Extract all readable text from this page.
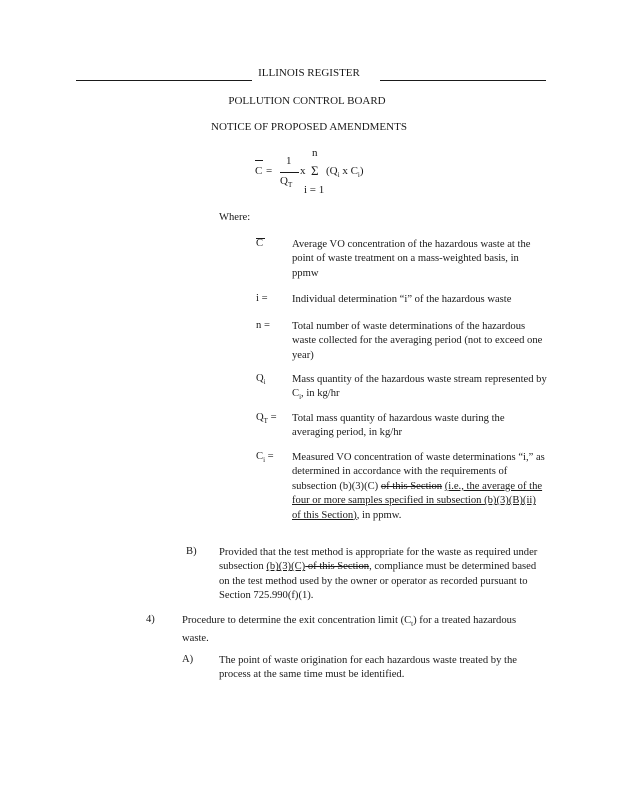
ILLINOIS REGISTER
POLLUTION CONTROL BOARD
NOTICE OF PROPOSED AMENDMENTS
C =
1
$Q_T$
x
n
Σ
i = 1
($Q_i$ x $C_i$)
Where:
C	Average VO concentration of the hazardous waste at the point of waste treatment on a mass-weighted basis, in ppmw
i =	Individual determination “i” of the hazardous waste
n =	Total number of waste determinations of the hazardous waste collected for the averaging period (not to exceed one year)
$Q_i$	Mass quantity of the hazardous waste stream represented by $C_i$, in kg/hr
$Q_T$ =	Total mass quantity of hazardous waste during the averaging period, in kg/hr
$C_i$ =	Measured VO concentration of waste determinations “i,” as determined in accordance with the requirements of subsection (b)(3)(C) of this Section (i.e., the average of the four or more samples specified in subsection (b)(3)(B)(ii) of this Section), in ppmw.
B) Provided that the test method is appropriate for the waste as required under subsection (b)(3)(C) of this Section, compliance must be determined based on the test method used by the owner or operator as recorded pursuant to Section 725.990(f)(1).
4)	Procedure to determine the exit concentration limit $(C_t)$ for a treated hazardous waste.
A) The point of waste origination for each hazardous waste treated by the process at the same time must be identified.
